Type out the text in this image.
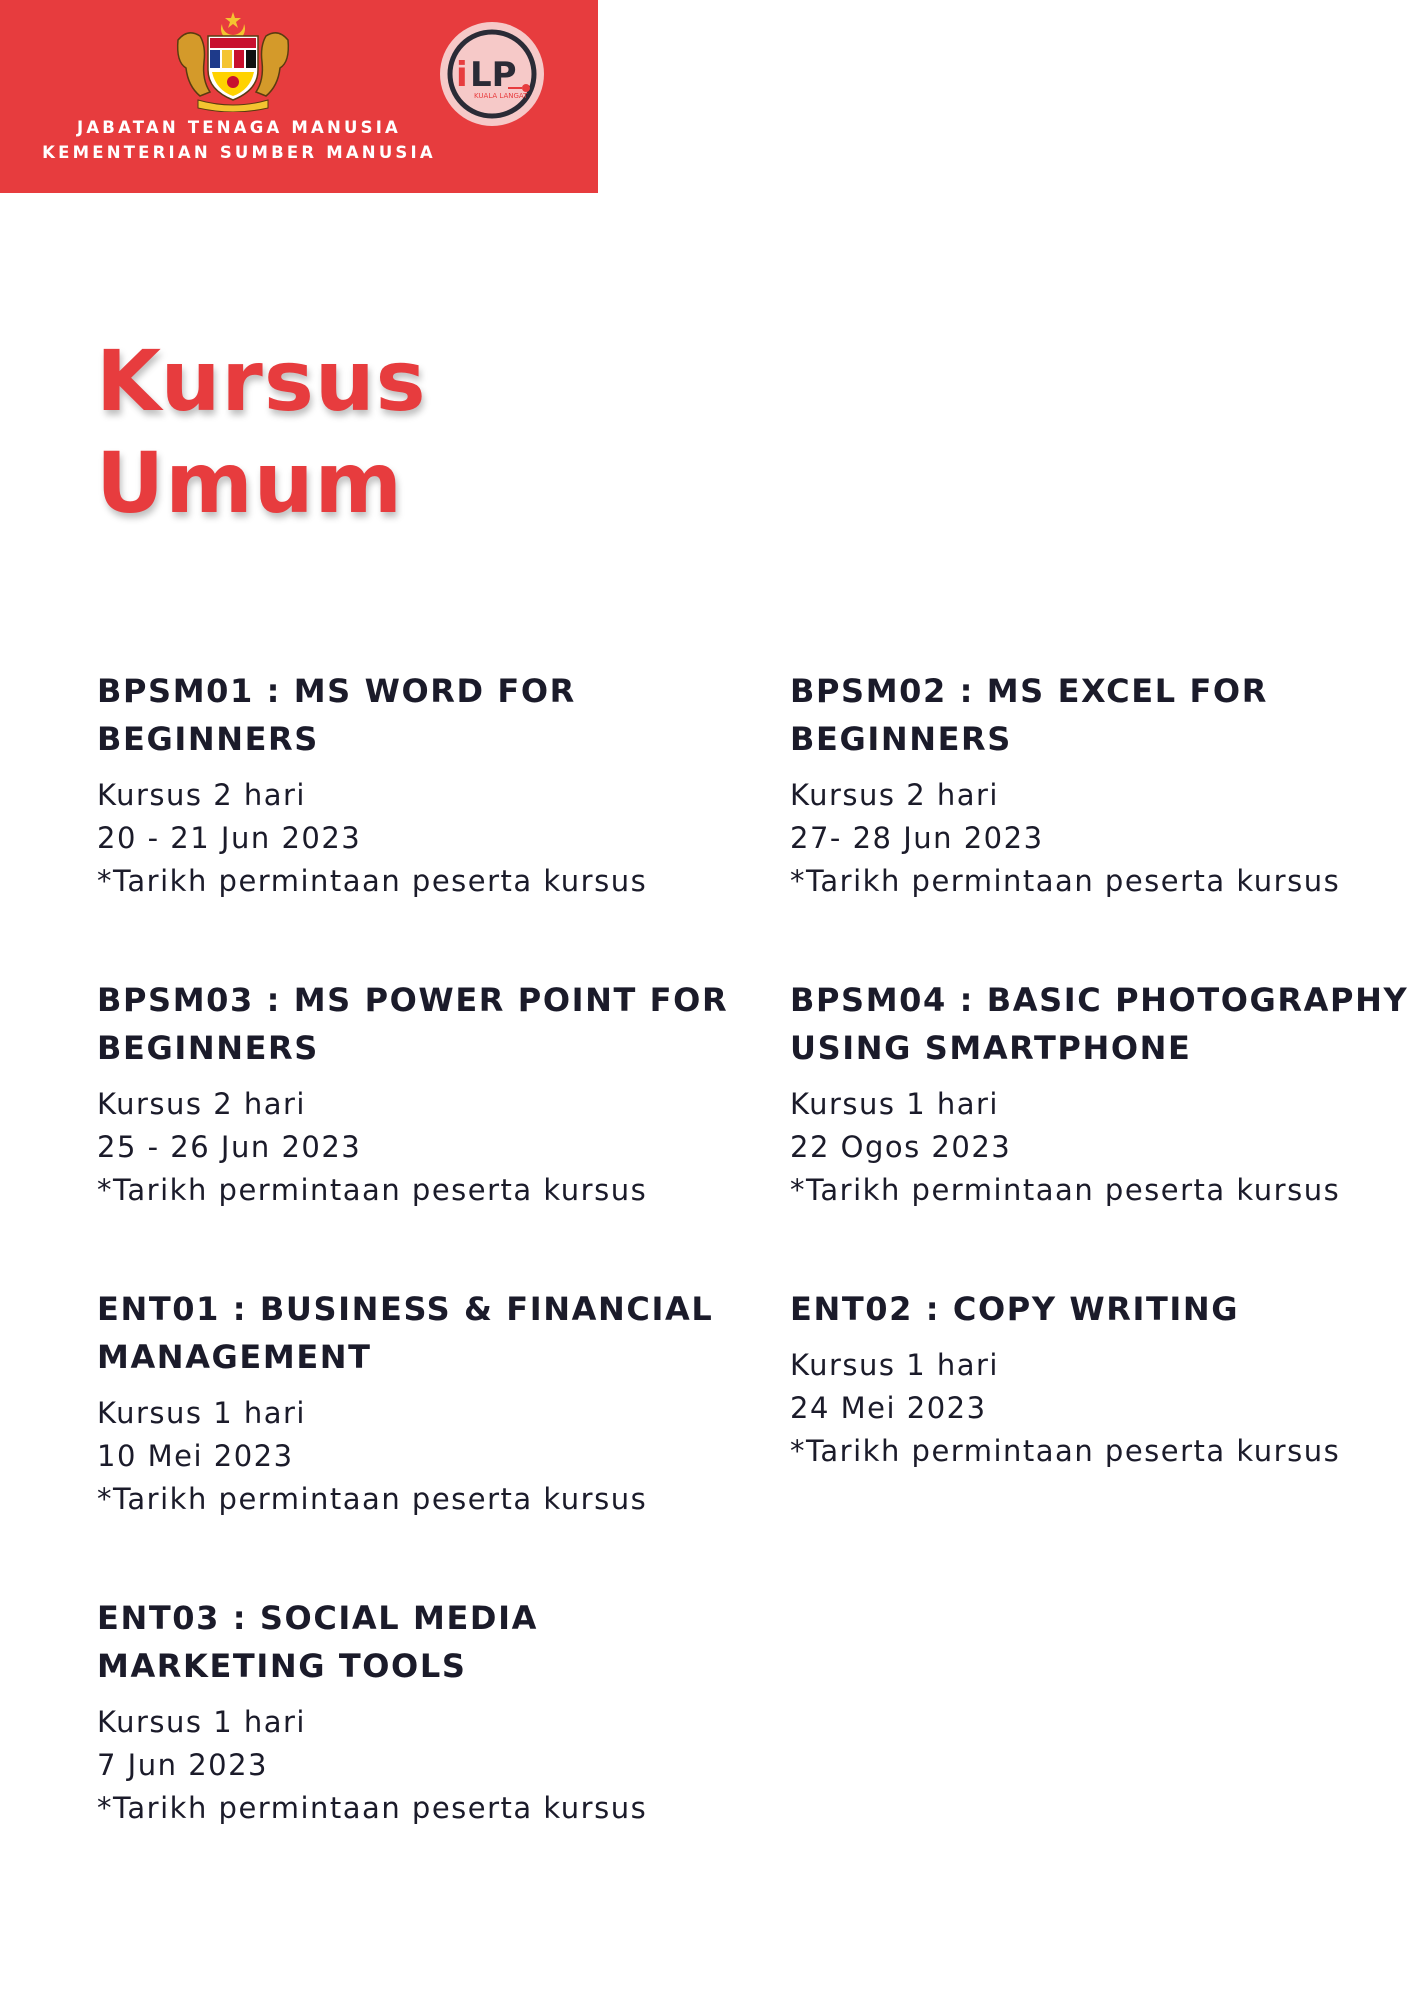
i LP
KUALA LANGAT
JABATAN TENAGA MANUSIA
KEMENTERIAN SUMBER MANUSIA
Kursus
Umum
BPSM01 : MS WORD FOR
BEGINNERS
Kursus 2 hari
20 - 21 Jun 2023
*Tarikh permintaan peserta kursus
BPSM02 : MS EXCEL FOR
BEGINNERS
Kursus 2 hari
27- 28 Jun 2023
*Tarikh permintaan peserta kursus
BPSM03 : MS POWER POINT FOR
BEGINNERS
Kursus 2 hari
25 - 26 Jun 2023
*Tarikh permintaan peserta kursus
BPSM04 : BASIC PHOTOGRAPHY
USING SMARTPHONE
Kursus 1 hari
22 Ogos 2023
*Tarikh permintaan peserta kursus
ENT01 : BUSINESS & FINANCIAL
MANAGEMENT
Kursus 1 hari
10 Mei 2023
*Tarikh permintaan peserta kursus
ENT02 : COPY WRITING
Kursus 1 hari
24 Mei 2023
*Tarikh permintaan peserta kursus
ENT03 : SOCIAL MEDIA
MARKETING TOOLS
Kursus 1 hari
7 Jun 2023
*Tarikh permintaan peserta kursus
